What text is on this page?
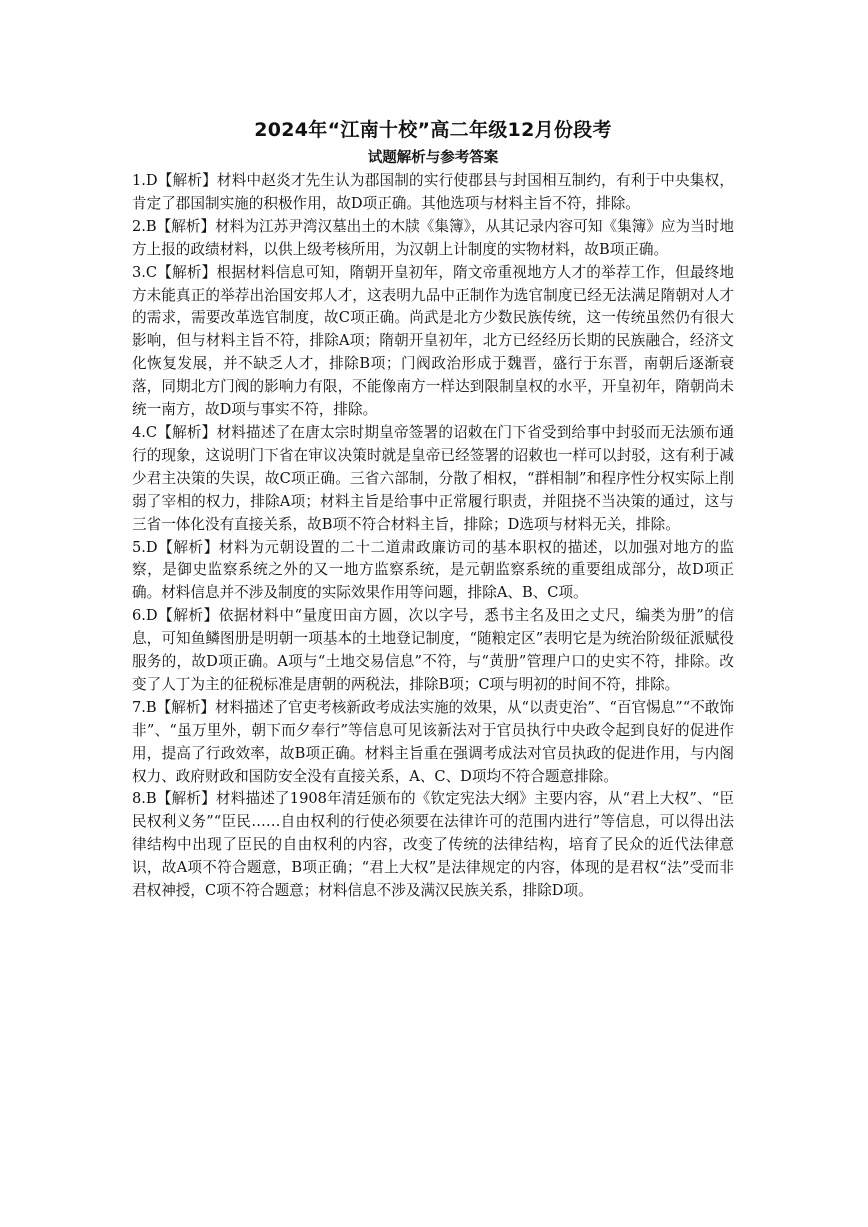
2024年“江南十校”高二年级12月份段考
试题解析与参考答案

1.D【解析】材料中赵炎才先生认为郡国制的实行使郡县与封国相互制约，有利于中央集权，肯定了郡国制实施的积极作用，故D项正确。其他选项与材料主旨不符，排除。

2.B【解析】材料为江苏尹湾汉墓出土的木牍《集簿》，从其记录内容可知《集簿》应为当时地方上报的政绩材料，以供上级考核所用，为汉朝上计制度的实物材料，故B项正确。

3.C【解析】根据材料信息可知，隋朝开皇初年，隋文帝重视地方人才的举荐工作，但最终地方未能真正的举荐出治国安邦人才，这表明九品中正制作为选官制度已经无法满足隋朝对人才的需求，需要改革选官制度，故C项正确。尚武是北方少数民族传统，这一传统虽然仍有很大影响，但与材料主旨不符，排除A项；隋朝开皇初年，北方已经经历长期的民族融合，经济文化恢复发展，并不缺乏人才，排除B项；门阀政治形成于魏晋，盛行于东晋，南朝后逐渐衰落，同期北方门阀的影响力有限，不能像南方一样达到限制皇权的水平，开皇初年，隋朝尚未统一南方，故D项与事实不符，排除。

4.C【解析】材料描述了在唐太宗时期皇帝签署的诏敕在门下省受到给事中封驳而无法颁布通行的现象，这说明门下省在审议决策时就是皇帝已经签署的诏敕也一样可以封驳，这有利于减少君主决策的失误，故C项正确。三省六部制，分散了相权，“群相制”和程序性分权实际上削弱了宰相的权力，排除A项；材料主旨是给事中正常履行职责，并阻挠不当决策的通过，这与三省一体化没有直接关系，故B项不符合材料主旨，排除；D选项与材料无关，排除。

5.D【解析】材料为元朝设置的二十二道肃政廉访司的基本职权的描述，以加强对地方的监察，是御史监察系统之外的又一地方监察系统，是元朝监察系统的重要组成部分，故D项正确。材料信息并不涉及制度的实际效果作用等问题，排除A、B、C项。

6.D【解析】依据材料中“量度田亩方圆，次以字号，悉书主名及田之丈尺，编类为册”的信息，可知鱼鳞图册是明朝一项基本的土地登记制度，“随粮定区”表明它是为统治阶级征派赋役服务的，故D项正确。A项与“土地交易信息”不符，与“黄册”管理户口的史实不符，排除。改变了人丁为主的征税标准是唐朝的两税法，排除B项；C项与明初的时间不符，排除。

7.B【解析】材料描述了官吏考核新政考成法实施的效果，从“以责吏治”、“百官惕息”“不敢饰非”、“虽万里外，朝下而夕奉行”等信息可见该新法对于官员执行中央政令起到良好的促进作用，提高了行政效率，故B项正确。材料主旨重在强调考成法对官员执政的促进作用，与内阁权力、政府财政和国防安全没有直接关系，A、C、D项均不符合题意排除。

8.B【解析】材料描述了1908年清廷颁布的《钦定宪法大纲》主要内容，从“君上大权”、“臣民权利义务”“臣民……自由权利的行使必须要在法律许可的范围内进行”等信息，可以得出法律结构中出现了臣民的自由权利的内容，改变了传统的法律结构，培育了民众的近代法律意识，故A项不符合题意，B项正确；“君上大权”是法律规定的内容，体现的是君权“法”受而非君权神授，C项不符合题意；材料信息不涉及满汉民族关系，排除D项。
